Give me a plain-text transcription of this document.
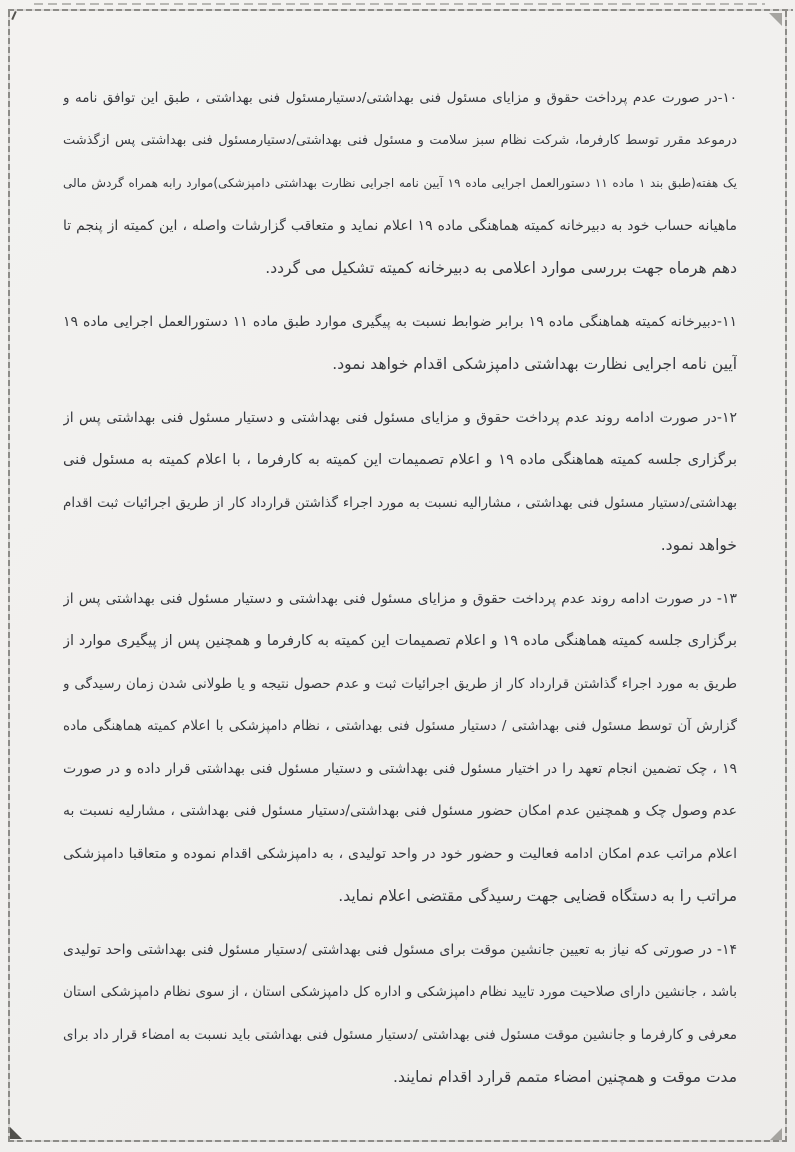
۱۰-در صورت عدم پرداخت حقوق و مزایای مسئول فنی بهداشتی/دستیارمسئول فنی بهداشتی ، طبق این توافق نامه و
درموعد مقرر توسط کارفرما، شرکت نظام سبز سلامت و مسئول فنی بهداشتی/دستیارمسئول فنی بهداشتی پس ازگذشت
یک هفته(طبق بند ۱ ماده ۱۱ دستورالعمل اجرایی ماده ۱۹ آیین نامه اجرایی نظارت بهداشتی دامپزشکی)موارد رابه همراه گردش مالی
ماهیانه حساب خود به دبیرخانه کمیته هماهنگی ماده ۱۹ اعلام نماید و متعاقب گزارشات واصله ، این کمیته از پنجم تا
دهم هرماه جهت بررسی موارد اعلامی به دبیرخانه کمیته تشکیل می گردد.
۱۱-دبیرخانه کمیته هماهنگی ماده ۱۹ برابر ضوابط نسبت به پیگیری موارد طبق ماده ۱۱ دستورالعمل اجرایی ماده ۱۹
آیین نامه اجرایی نظارت بهداشتی دامپزشکی اقدام خواهد نمود.
۱۲-در صورت ادامه روند عدم پرداخت حقوق و مزایای مسئول فنی بهداشتی و دستیار مسئول فنی بهداشتی پس از
برگزاری جلسه کمیته هماهنگی ماده ۱۹ و اعلام تصمیمات این کمیته به کارفرما ، با اعلام کمیته به مسئول فنی
بهداشتی/دستیار مسئول فنی بهداشتی ، مشارالیه نسبت به مورد اجراء گذاشتن قرارداد کار از طریق اجرائیات ثبت اقدام
خواهد نمود.
۱۳- در صورت ادامه روند عدم پرداخت حقوق و مزایای مسئول فنی بهداشتی و دستیار مسئول فنی بهداشتی پس از
برگزاری جلسه کمیته هماهنگی ماده ۱۹ و اعلام تصمیمات این کمیته به کارفرما و همچنین پس از پیگیری موارد از
طریق به مورد اجراء گذاشتن قرارداد کار از طریق اجرائیات ثبت و عدم حصول نتیجه و یا طولانی شدن زمان رسیدگی و
گزارش آن توسط مسئول فنی بهداشتی / دستیار مسئول فنی بهداشتی ، نظام دامپزشکی با اعلام کمیته هماهنگی ماده
۱۹ ، چک تضمین انجام تعهد را در اختیار مسئول فنی بهداشتی و دستیار مسئول فنی بهداشتی قرار داده و در صورت
عدم وصول چک و همچنین عدم امکان حضور مسئول فنی بهداشتی/دستیار مسئول فنی بهداشتی ، مشارلیه نسبت به
اعلام مراتب عدم امکان ادامه فعالیت و حضور خود در واحد تولیدی ، به دامپزشکی اقدام نموده و متعاقبا دامپزشکی
مراتب را به دستگاه قضایی جهت رسیدگی مقتضی اعلام نماید.
۱۴- در صورتی که نیاز به تعیین جانشین موقت برای مسئول فنی بهداشتی /دستیار مسئول فنی بهداشتی واحد تولیدی
باشد ، جانشین دارای صلاحیت مورد تایید نظام دامپزشکی و اداره کل دامپزشکی استان ، از سوی نظام دامپزشکی استان
معرفی و کارفرما و جانشین موقت مسئول فنی بهداشتی /دستیار مسئول فنی بهداشتی باید نسبت به امضاء قرار داد برای
مدت موقت و همچنین امضاء متمم قرارد اقدام نمایند.
